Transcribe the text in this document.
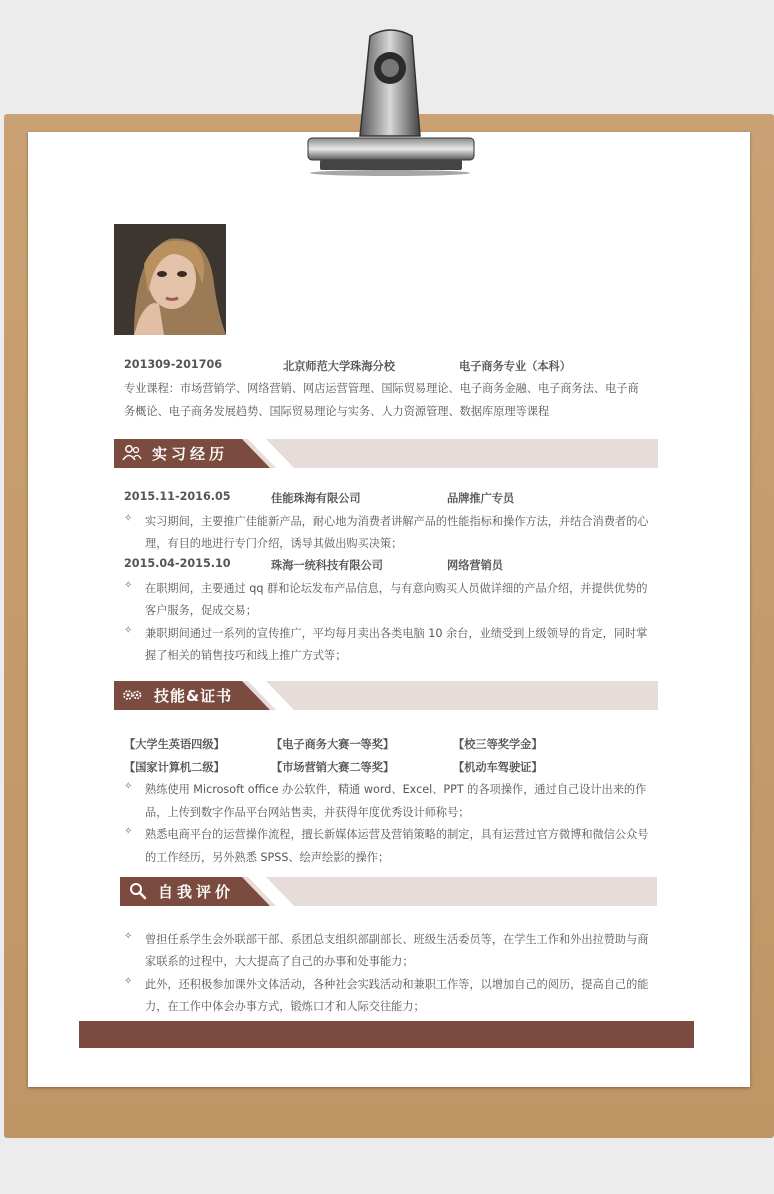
201309-201706	北京师范大学珠海分校	电子商务专业（本科）
专业课程：市场营销学、网络营销、网店运营管理、国际贸易理论、电子商务金融、电子商务法、电子商
务概论、电子商务发展趋势、国际贸易理论与实务、人力资源管理、数据库原理等课程
实习经历
2015.11-2016.05	佳能珠海有限公司	品牌推广专员
✧ 实习期间，主要推广佳能新产品，耐心地为消费者讲解产品的性能指标和操作方法，并结合消费者的心
理，有目的地进行专门介绍，诱导其做出购买决策；
2015.04-2015.10	珠海一统科技有限公司	网络营销员
✧ 在职期间，主要通过 qq 群和论坛发布产品信息，与有意向购买人员做详细的产品介绍，并提供优势的
客户服务，促成交易；
✧ 兼职期间通过一系列的宣传推广，平均每月卖出各类电脑 10 余台，业绩受到上级领导的肯定，同时掌
握了相关的销售技巧和线上推广方式等；
技能&证书
【大学生英语四级】	【电子商务大赛一等奖】	【校三等奖学金】
【国家计算机二级】	【市场营销大赛二等奖】	【机动车驾驶证】
✧ 熟练使用 Microsoft office 办公软件，精通 word、Excel、PPT 的各项操作，通过自己设计出来的作
品，上传到数字作品平台网站售卖，并获得年度优秀设计师称号；
✧ 熟悉电商平台的运营操作流程，擅长新媒体运营及营销策略的制定，具有运营过官方微博和微信公众号
的工作经历，另外熟悉 SPSS、绘声绘影的操作；
自我评价
✧ 曾担任系学生会外联部干部、系团总支组织部副部长、班级生活委员等，在学生工作和外出拉赞助与商
家联系的过程中，大大提高了自己的办事和处事能力；
✧ 此外，还积极参加课外文体活动，各种社会实践活动和兼职工作等，以增加自己的阅历，提高自己的能
力，在工作中体会办事方式，锻炼口才和人际交往能力；
